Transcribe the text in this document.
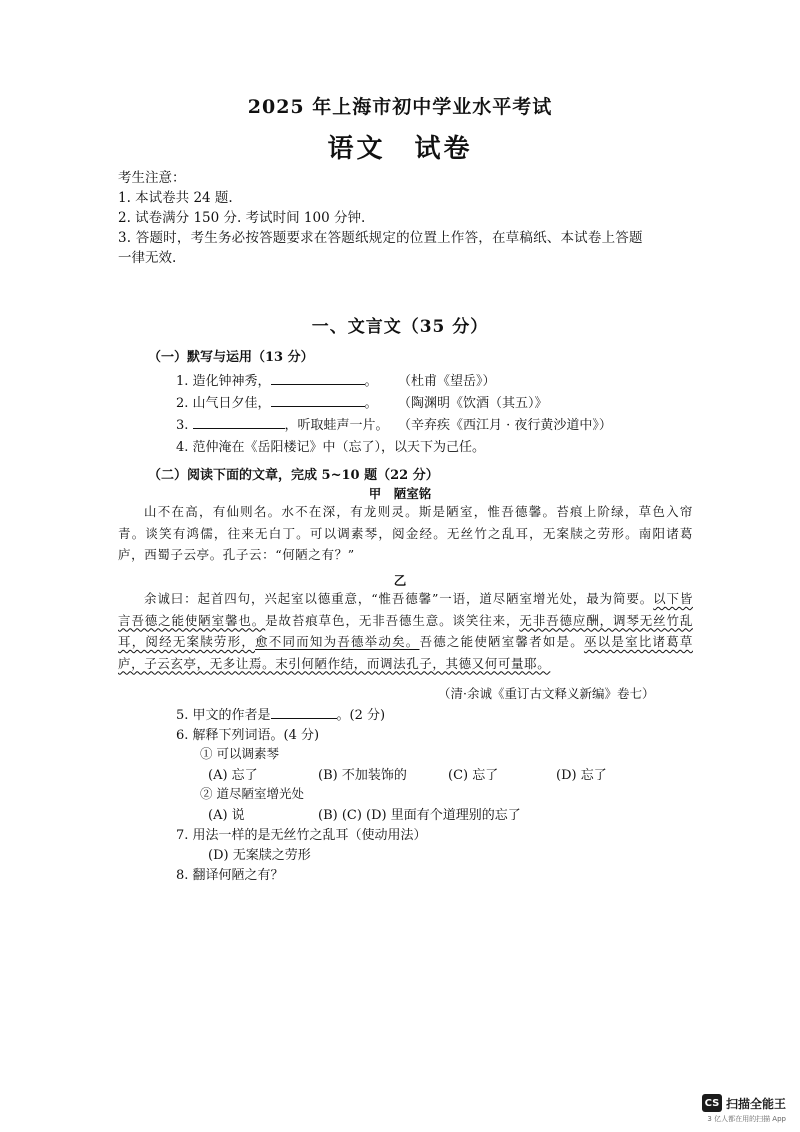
2025 年上海市初中学业水平考试
语文　试卷
考生注意：
1. 本试卷共 24 题.
2. 试卷满分 150 分. 考试时间 100 分钟.
3. 答题时，考生务必按答题要求在答题纸规定的位置上作答，在草稿纸、本试卷上答题
一律无效.
一、文言文（35 分）
（一）默写与运用（13 分）
1. 造化钟神秀，	。 （杜甫《望岳》）
2. 山气日夕佳，	。 （陶渊明《饮酒（其五）》
3.	，听取蛙声一片。 （辛弃疾《西江月 · 夜行黄沙道中》）
4. 范仲淹在《岳阳楼记》中（忘了），以天下为己任。
（二）阅读下面的文章，完成 5~10 题（22 分）
甲　陋室铭
山不在高，有仙则名。水不在深，有龙则灵。斯是陋室，惟吾德馨。苔痕上阶绿，草色入帘青。谈笑有鸿儒，往来无白丁。可以调素琴，阅金经。无丝竹之乱耳，无案牍之劳形。南阳诸葛庐，西蜀子云亭。孔子云：“何陋之有？”
乙
余诚曰：起首四句，兴起室以德重意，“惟吾德馨”一语，道尽陋室增光处，最为简要。以下皆言吾德之能使陋室馨也。是故苔痕草色，无非吾德生意。谈笑往来，无非吾德应酬，调琴无丝竹乱耳，阅经无案牍劳形，愈不同而知为吾德举动矣。吾德之能使陋室馨者如是。巫以是室比诸葛草庐，子云玄亭，无多让焉。末引何陋作结，而调法孔子，其德又何可量耶。
（清·余诚《重订古文释义新编》卷七）
5. 甲文的作者是	。(2 分)
6. 解释下列词语。(4 分)
① 可以调素琴
(A) 忘了	(B) 不加装饰的	(C) 忘了	(D) 忘了
② 道尽陋室增光处
(A) 说	(B) (C) (D) 里面有个道理别的忘了
7. 用法一样的是无丝竹之乱耳（使动用法）
(D) 无案牍之劳形
8. 翻译何陋之有？
CS 扫描全能王
3 亿人都在用的扫描 App
